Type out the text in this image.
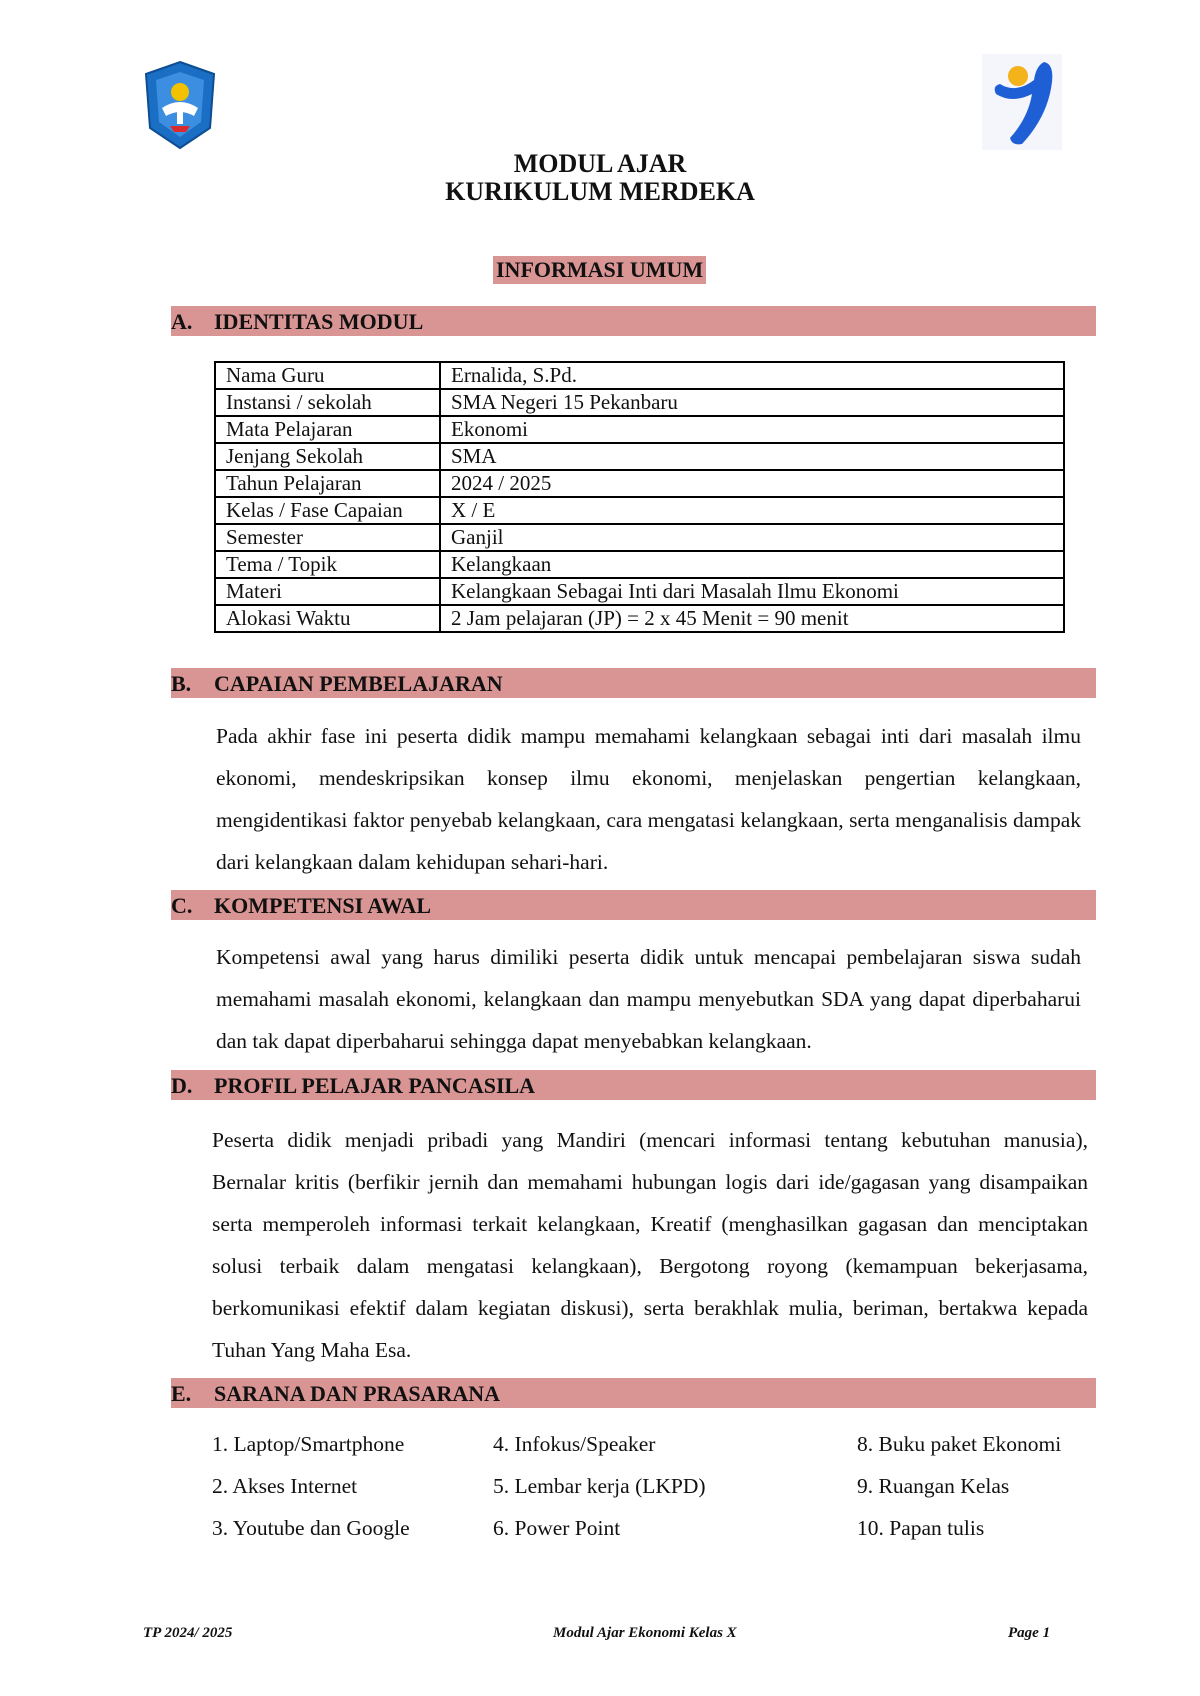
MODUL AJAR
KURIKULUM MERDEKA
INFORMASI UMUM
A. IDENTITAS MODUL
Nama Guru	Ernalida, S.Pd.
Instansi / sekolah	SMA Negeri 15 Pekanbaru
Mata Pelajaran	Ekonomi
Jenjang Sekolah	SMA
Tahun Pelajaran	2024 / 2025
Kelas / Fase Capaian	X / E
Semester	Ganjil
Tema / Topik	Kelangkaan
Materi	Kelangkaan Sebagai Inti dari Masalah Ilmu Ekonomi
Alokasi Waktu	2 Jam pelajaran (JP) = 2 x 45 Menit = 90 menit
B.	CAPAIAN PEMBELAJARAN
Pada akhir fase ini peserta didik mampu memahami kelangkaan sebagai inti dari masalah ilmu ekonomi, mendeskripsikan konsep ilmu ekonomi, menjelaskan pengertian kelangkaan, mengidentikasi faktor penyebab kelangkaan, cara mengatasi kelangkaan, serta menganalisis dampak dari kelangkaan dalam kehidupan sehari-hari.
C. KOMPETENSI AWAL
Kompetensi awal yang harus dimiliki peserta didik untuk mencapai pembelajaran siswa sudah memahami masalah ekonomi, kelangkaan dan mampu menyebutkan SDA yang dapat diperbaharui dan tak dapat diperbaharui sehingga dapat menyebabkan kelangkaan.
D. PROFIL PELAJAR PANCASILA
Peserta didik menjadi pribadi yang Mandiri (mencari informasi tentang kebutuhan manusia), Bernalar kritis (berfikir jernih dan memahami hubungan logis dari ide/gagasan yang disampaikan serta memperoleh informasi terkait kelangkaan, Kreatif (menghasilkan gagasan dan menciptakan solusi terbaik dalam mengatasi kelangkaan), Bergotong royong (kemampuan bekerjasama, berkomunikasi efektif dalam kegiatan diskusi), serta berakhlak mulia, beriman, bertakwa kepada Tuhan Yang Maha Esa.
E.	SARANA DAN PRASARANA
1. Laptop/Smartphone
2. Akses Internet
3. Youtube dan Google
4. Infokus/Speaker
5. Lembar kerja (LKPD)
6. Power Point
8. Buku paket Ekonomi
9. Ruangan Kelas
10. Papan tulis
TP 2024/ 2025	Modul Ajar Ekonomi Kelas X	Page 1
